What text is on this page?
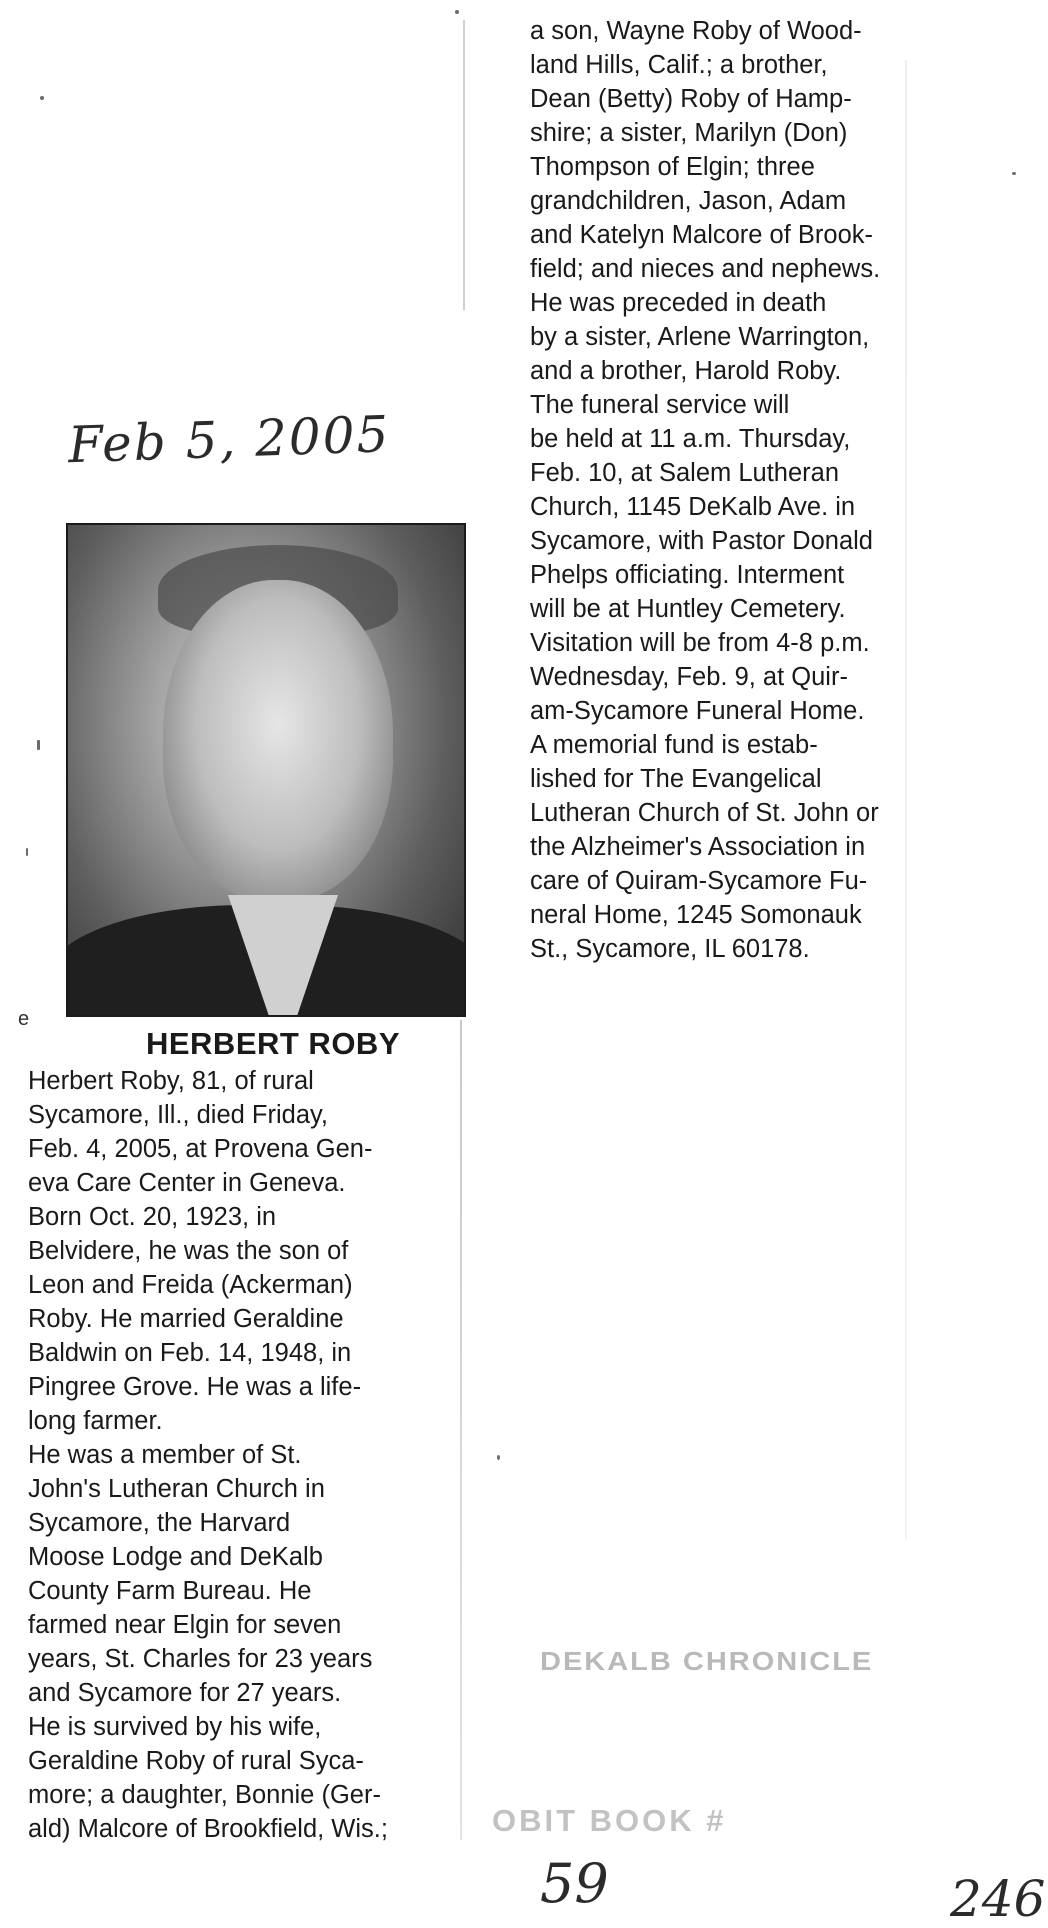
Feb 5, 2005
e
HERBERT ROBY

Herbert Roby, 81, of rural
Sycamore, Ill., died Friday,
Feb. 4, 2005, at Provena Gen-
eva Care Center in Geneva.

Born Oct. 20, 1923, in
Belvidere, he was the son of
Leon and Freida (Ackerman)
Roby. He married Geraldine
Baldwin on Feb. 14, 1948, in
Pingree Grove. He was a life-
long farmer.

He was a member of St.
John's Lutheran Church in
Sycamore, the Harvard
Moose Lodge and DeKalb
County Farm Bureau. He
farmed near Elgin for seven
years, St. Charles for 23 years
and Sycamore for 27 years.

He is survived by his wife,
Geraldine Roby of rural Syca-
more; a daughter, Bonnie (Ger-
ald) Malcore of Brookfield, Wis.;

a son, Wayne Roby of Wood-
land Hills, Calif.; a brother,
Dean (Betty) Roby of Hamp-
shire; a sister, Marilyn (Don)
Thompson of Elgin; three
grandchildren, Jason, Adam
and Katelyn Malcore of Brook-
field; and nieces and nephews.

He was preceded in death
by a sister, Arlene Warrington,
and a brother, Harold Roby.

The funeral service will
be held at 11 a.m. Thursday,
Feb. 10, at Salem Lutheran
Church, 1145 DeKalb Ave. in
Sycamore, with Pastor Donald
Phelps officiating. Interment
will be at Huntley Cemetery.
Visitation will be from 4-8 p.m.
Wednesday, Feb. 9, at Quir-
am-Sycamore Funeral Home.

A memorial fund is estab-
lished for The Evangelical
Lutheran Church of St. John or
the Alzheimer's Association in
care of Quiram-Sycamore Fu-
neral Home, 1245 Somonauk
St., Sycamore, IL 60178.

DEKALB CHRONICLE
OBIT BOOK #
59	246
